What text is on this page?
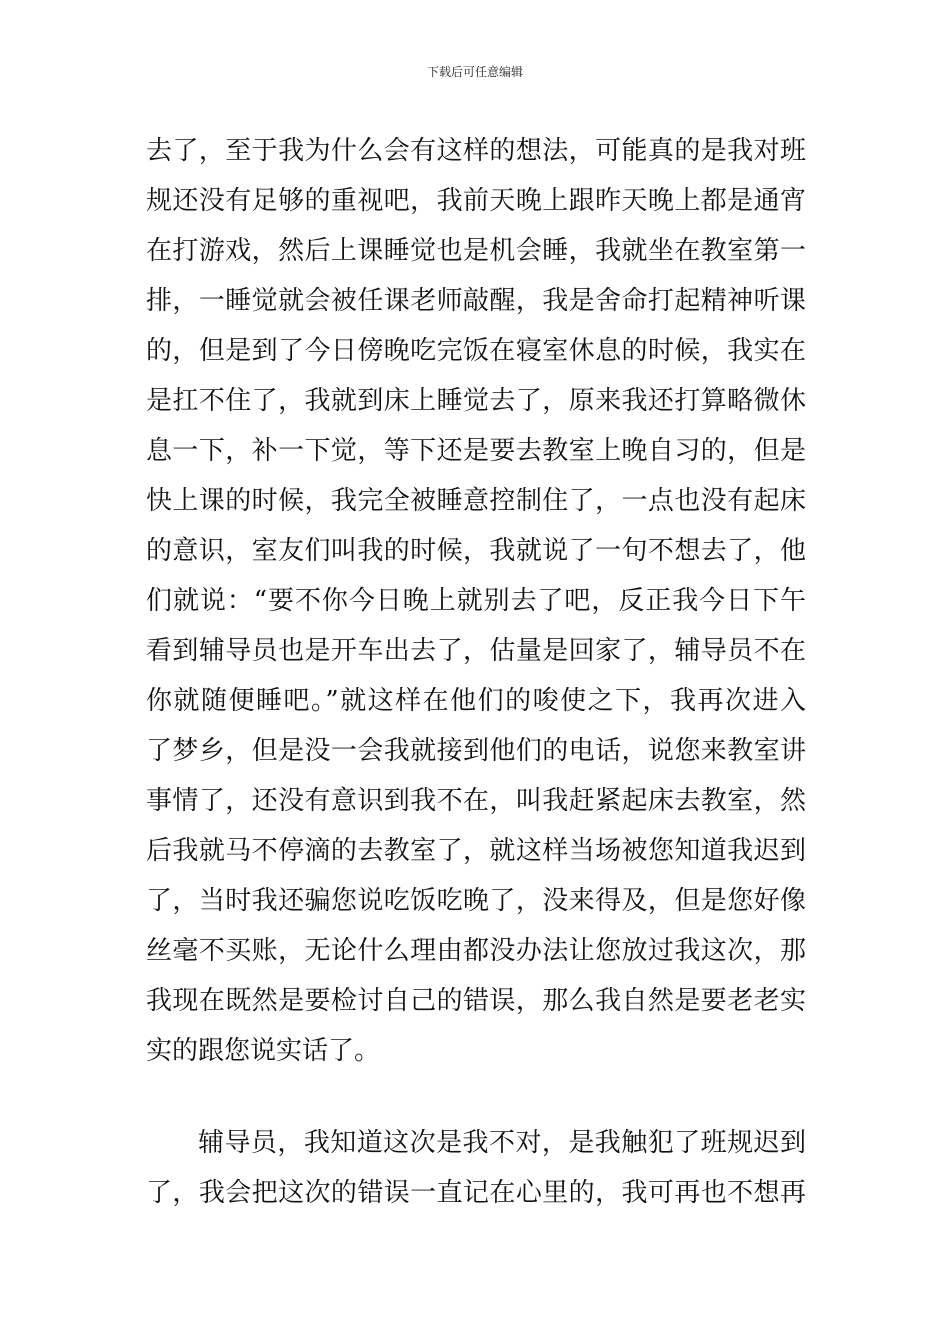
下载后可任意编辑
去了，至于我为什么会有这样的想法，可能真的是我对班
规还没有足够的重视吧，我前天晚上跟昨天晚上都是通宵
在打游戏，然后上课睡觉也是机会睡，我就坐在教室第一
排，一睡觉就会被任课老师敲醒，我是舍命打起精神听课
的，但是到了今日傍晚吃完饭在寝室休息的时候，我实在
是扛不住了，我就到床上睡觉去了，原来我还打算略微休
息一下，补一下觉，等下还是要去教室上晚自习的，但是
快上课的时候，我完全被睡意控制住了，一点也没有起床
的意识，室友们叫我的时候，我就说了一句不想去了，他
们就说：“要不你今日晚上就别去了吧，反正我今日下午
看到辅导员也是开车出去了，估量是回家了，辅导员不在
你就随便睡吧。”就这样在他们的唆使之下，我再次进入
了梦乡，但是没一会我就接到他们的电话，说您来教室讲
事情了，还没有意识到我不在，叫我赶紧起床去教室，然
后我就马不停滴的去教室了，就这样当场被您知道我迟到
了，当时我还骗您说吃饭吃晚了，没来得及，但是您好像
丝毫不买账，无论什么理由都没办法让您放过我这次，那
我现在既然是要检讨自己的错误，那么我自然是要老老实
实的跟您说实话了。
辅导员，我知道这次是我不对，是我触犯了班规迟到
了，我会把这次的错误一直记在心里的，我可再也不想再
